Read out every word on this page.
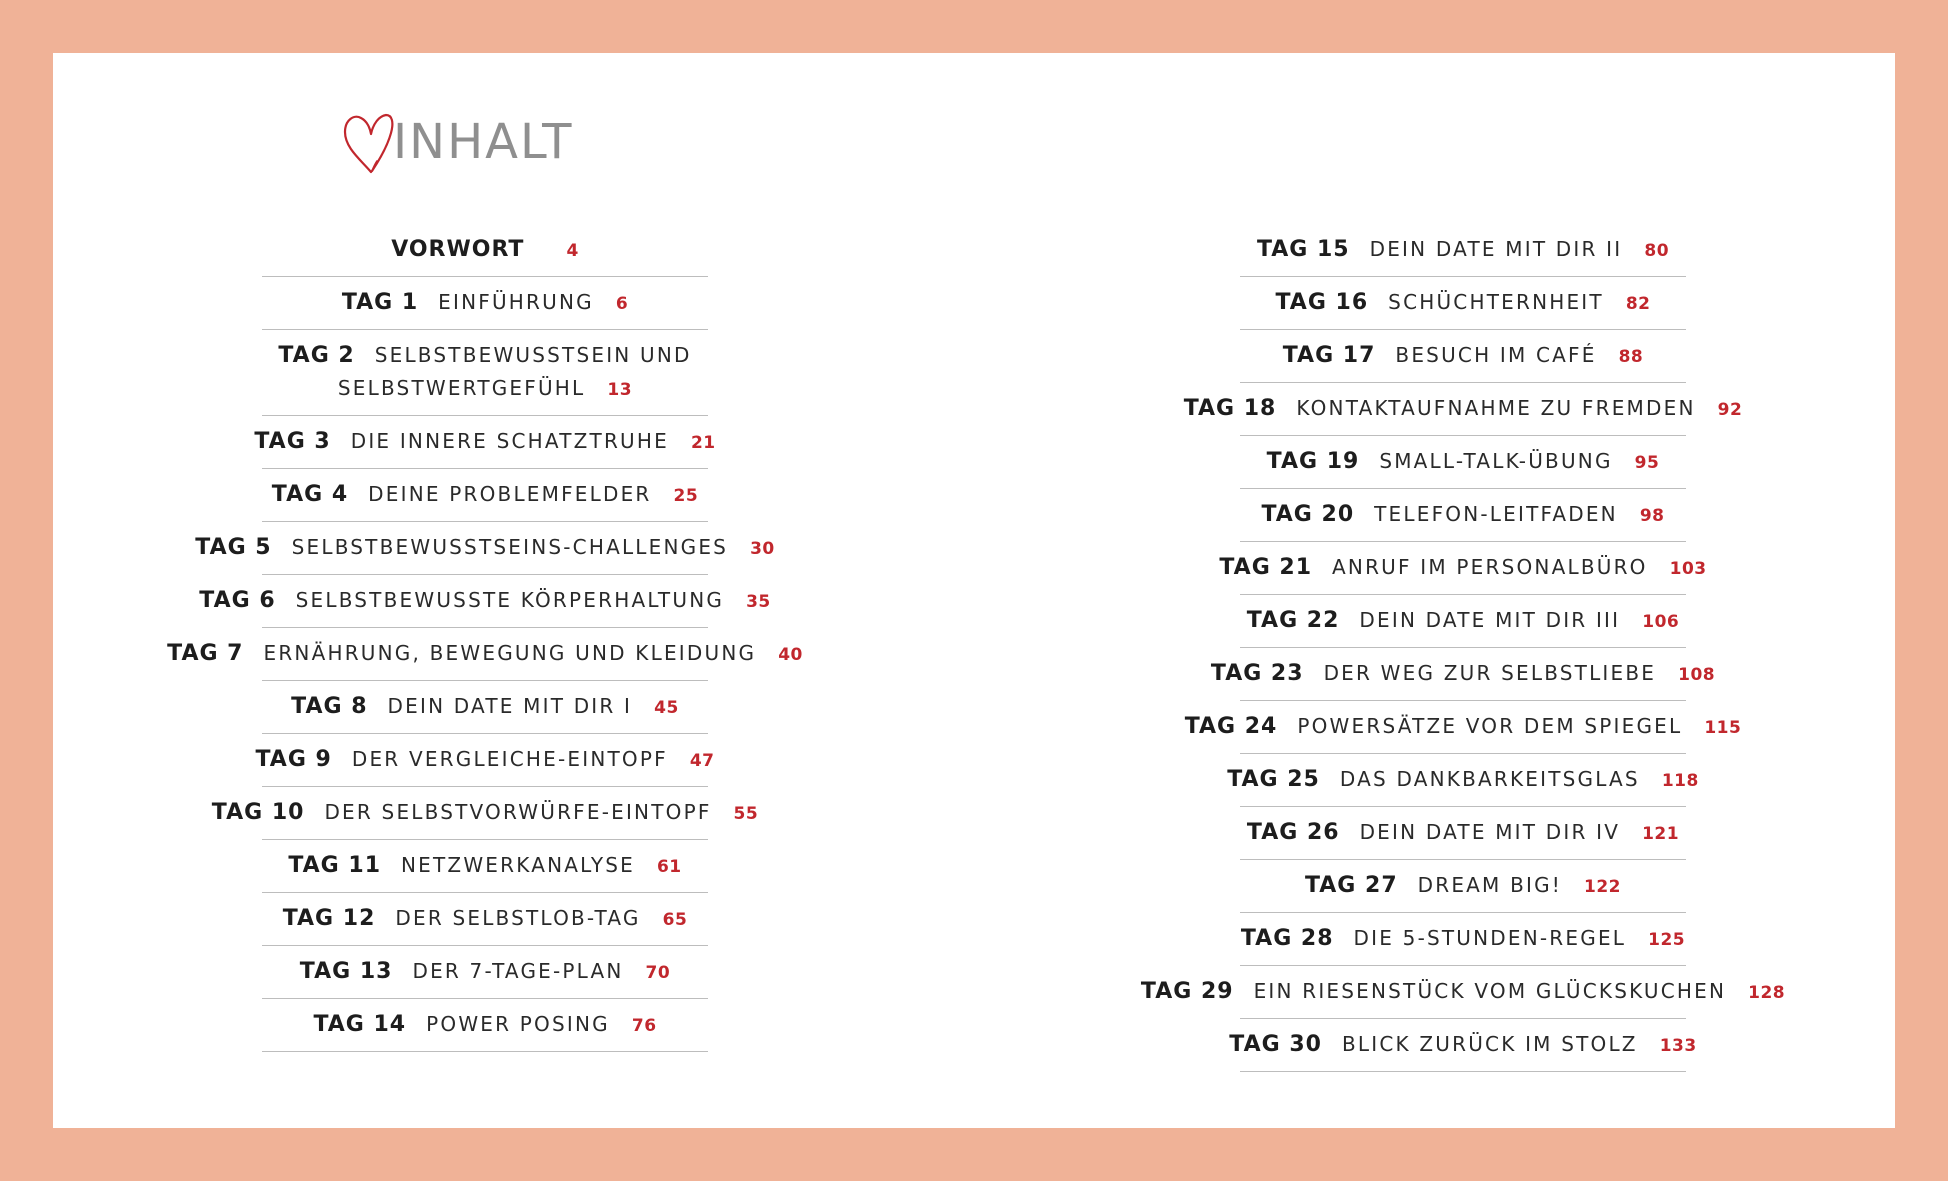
INHALT
VORWORT 4
TAG 1 EINFÜHRUNG 6
TAG 2 SELBSTBEWUSSTSEIN UND
SELBSTWERTGEFÜHL 13
TAG 3 DIE INNERE SCHATZTRUHE 21
TAG 4 DEINE PROBLEMFELDER 25
TAG 5 SELBSTBEWUSSTSEINS-CHALLENGES 30
TAG 6 SELBSTBEWUSSTE KÖRPERHALTUNG 35
TAG 7 ERNÄHRUNG, BEWEGUNG UND KLEIDUNG 40
TAG 8 DEIN DATE MIT DIR I 45
TAG 9 DER VERGLEICHE-EINTOPF 47
TAG 10 DER SELBSTVORWÜRFE-EINTOPF 55
TAG 11 NETZWERKANALYSE 61
TAG 12 DER SELBSTLOB-TAG 65
TAG 13 DER 7-TAGE-PLAN 70
TAG 14 POWER POSING 76
TAG 15 DEIN DATE MIT DIR II 80
TAG 16 SCHÜCHTERNHEIT 82
TAG 17 BESUCH IM CAFÉ 88
TAG 18 KONTAKTAUFNAHME ZU FREMDEN 92
TAG 19 SMALL-TALK-ÜBUNG 95
TAG 20 TELEFON-LEITFADEN 98
TAG 21 ANRUF IM PERSONALBÜRO 103
TAG 22 DEIN DATE MIT DIR III 106
TAG 23 DER WEG ZUR SELBSTLIEBE 108
TAG 24 POWERSÄTZE VOR DEM SPIEGEL 115
TAG 25 DAS DANKBARKEITSGLAS 118
TAG 26 DEIN DATE MIT DIR IV 121
TAG 27 DREAM BIG! 122
TAG 28 DIE 5-STUNDEN-REGEL 125
TAG 29 EIN RIESENSTÜCK VOM GLÜCKSKUCHEN 128
TAG 30 BLICK ZURÜCK IM STOLZ 133
